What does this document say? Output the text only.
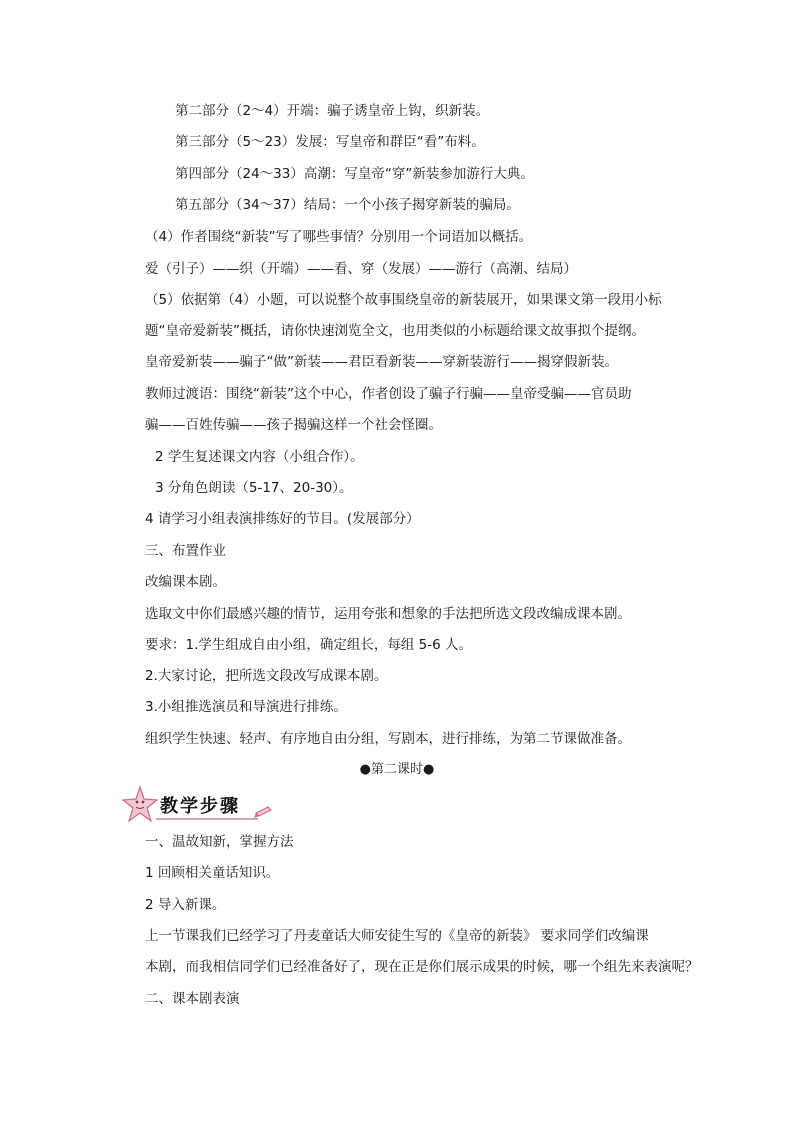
第二部分（2～4）开端：骗子诱皇帝上钩，织新装。
第三部分（5～23）发展：写皇帝和群臣“看”布料。
第四部分（24～33）高潮：写皇帝“穿”新装参加游行大典。
第五部分（34～37）结局：一个小孩子揭穿新装的骗局。
（4）作者围绕“新装”写了哪些事情？分别用一个词语加以概括。
爱（引子）——织（开端）——看、穿（发展）——游行（高潮、结局）
（5）依据第（4）小题，可以说整个故事围绕皇帝的新装展开，如果课文第一段用小标
题“皇帝爱新装”概括，请你快速浏览全文，也用类似的小标题给课文故事拟个提纲。
皇帝爱新装——骗子“做”新装——君臣看新装——穿新装游行——揭穿假新装。
教师过渡语：围绕“新装”这个中心，作者创设了骗子行骗——皇帝受骗——官员助
骗——百姓传骗——孩子揭骗这样一个社会怪圈。
2 学生复述课文内容（小组合作）。
3 分角色朗读（5-17、20-30）。
4 请学习小组表演排练好的节目。(发展部分）
三、布置作业
改编课本剧。
选取文中你们最感兴趣的情节，运用夸张和想象的手法把所选文段改编成课本剧。
要求：1.学生组成自由小组，确定组长，每组 5-6 人。
2.大家讨论，把所选文段改写成课本剧。
3.小组推选演员和导演进行排练。
组织学生快速、轻声、有序地自由分组，写剧本，进行排练，为第二节课做准备。
●第二课时●
教学步骤
一、温故知新，掌握方法
1 回顾相关童话知识。
2 导入新课。
上一节课我们已经学习了丹麦童话大师安徒生写的《皇帝的新装》 要求同学们改编课
本剧，而我相信同学们已经准备好了，现在正是你们展示成果的时候，哪一个组先来表演呢？
二、课本剧表演
